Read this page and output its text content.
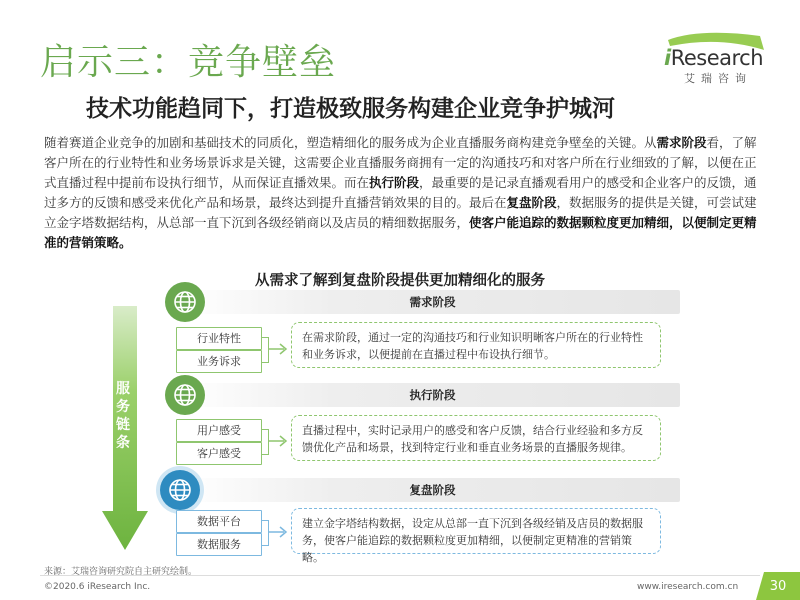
启示三：竞争壁垒
技术功能趋同下，打造极致服务构建企业竞争护城河
iResearch
艾瑞咨询
随着赛道企业竞争的加剧和基础技术的同质化，塑造精细化的服务成为企业直播服务商构建竞争壁垒的关键。从需求阶段看，了解客户所在的行业特性和业务场景诉求是关键，这需要企业直播服务商拥有一定的沟通技巧和对客户所在行业细致的了解，以便在正式直播过程中提前布设执行细节，从而保证直播效果。而在执行阶段，最重要的是记录直播观看用户的感受和企业客户的反馈，通过多方的反馈和感受来优化产品和场景，最终达到提升直播营销效果的目的。最后在复盘阶段，数据服务的提供是关键，可尝试建立金字塔数据结构，从总部一直下沉到各级经销商以及店员的精细数据服务，使客户能追踪的数据颗粒度更加精细，以便制定更精准的营销策略。
从需求了解到复盘阶段提供更加精细化的服务
服务链条
需求阶段
行业特性
业务诉求
在需求阶段，通过一定的沟通技巧和行业知识明晰客户所在的行业特性和业务诉求，以便提前在直播过程中布设执行细节。
执行阶段
用户感受
客户感受
直播过程中，实时记录用户的感受和客户反馈，结合行业经验和多方反馈优化产品和场景，找到特定行业和垂直业务场景的直播服务规律。
复盘阶段
数据平台
数据服务
建立金字塔结构数据，设定从总部一直下沉到各级经销及店员的数据服务，使客户能追踪的数据颗粒度更加精细，以便制定更精准的营销策略。
来源：艾瑞咨询研究院自主研究绘制。
©2020.6 iResearch Inc.	www.iresearch.com.cn	30
